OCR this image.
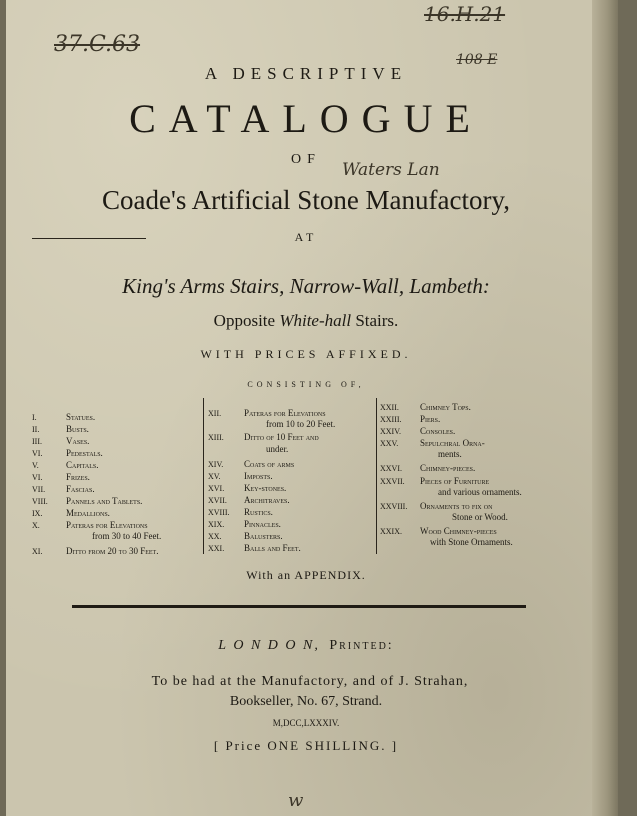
37.C.63
16.H.21
108 E
Waters Lan
A DESCRIPTIVE
CATALOGUE
OF
Coade's Artificial Stone Manufactory,
AT
King's Arms Stairs, Narrow-Wall, Lambeth:
Opposite White-hall Stairs.
WITH PRICES AFFIXED.
CONSISTING OF,
I.	Statues.
II.	Busts.
III.	Vases.
VI.	Pedestals.
V.	Capitals.
VI.	Frizes.
VII. Fascias.
VIII. Pannels and Tablets.
IX.	Medallions.
X.	Pateras for Elevations
from 30 to 40 Feet.
XI.	Ditto from 20 to 30 Feet.
XII.	Pateras for Elevations
from 10 to 20 Feet.
XIII. Ditto of 10 Feet and
under.
XIV. Coats of arms
XV.	Imposts.
XVI. Key-stones.
XVII. Architraves.
XVIII. Rustics.
XIX. Pinnacles.
XX. Balusters.
XXI. Balls and Feet.
XXII. Chimney Tops.
XXIII. Piers.
XXIV. Consoles.
XXV. Sepulchral Orna-
ments.
XXVI. Chimney-pieces.
XXVII. Pieces of Furniture
and various ornaments.
XXVIII. Ornaments to fix on
Stone or Wood.
XXIX. Wood Chimney-pieces
with Stone Ornaments.
With an APPENDIX.
L O N D O N, Printed:
To be had at the Manufactory, and of J. Strahan,
Bookseller, No. 67, Strand.
M,DCC,LXXXIV.
[ Price ONE SHILLING. ]
w
